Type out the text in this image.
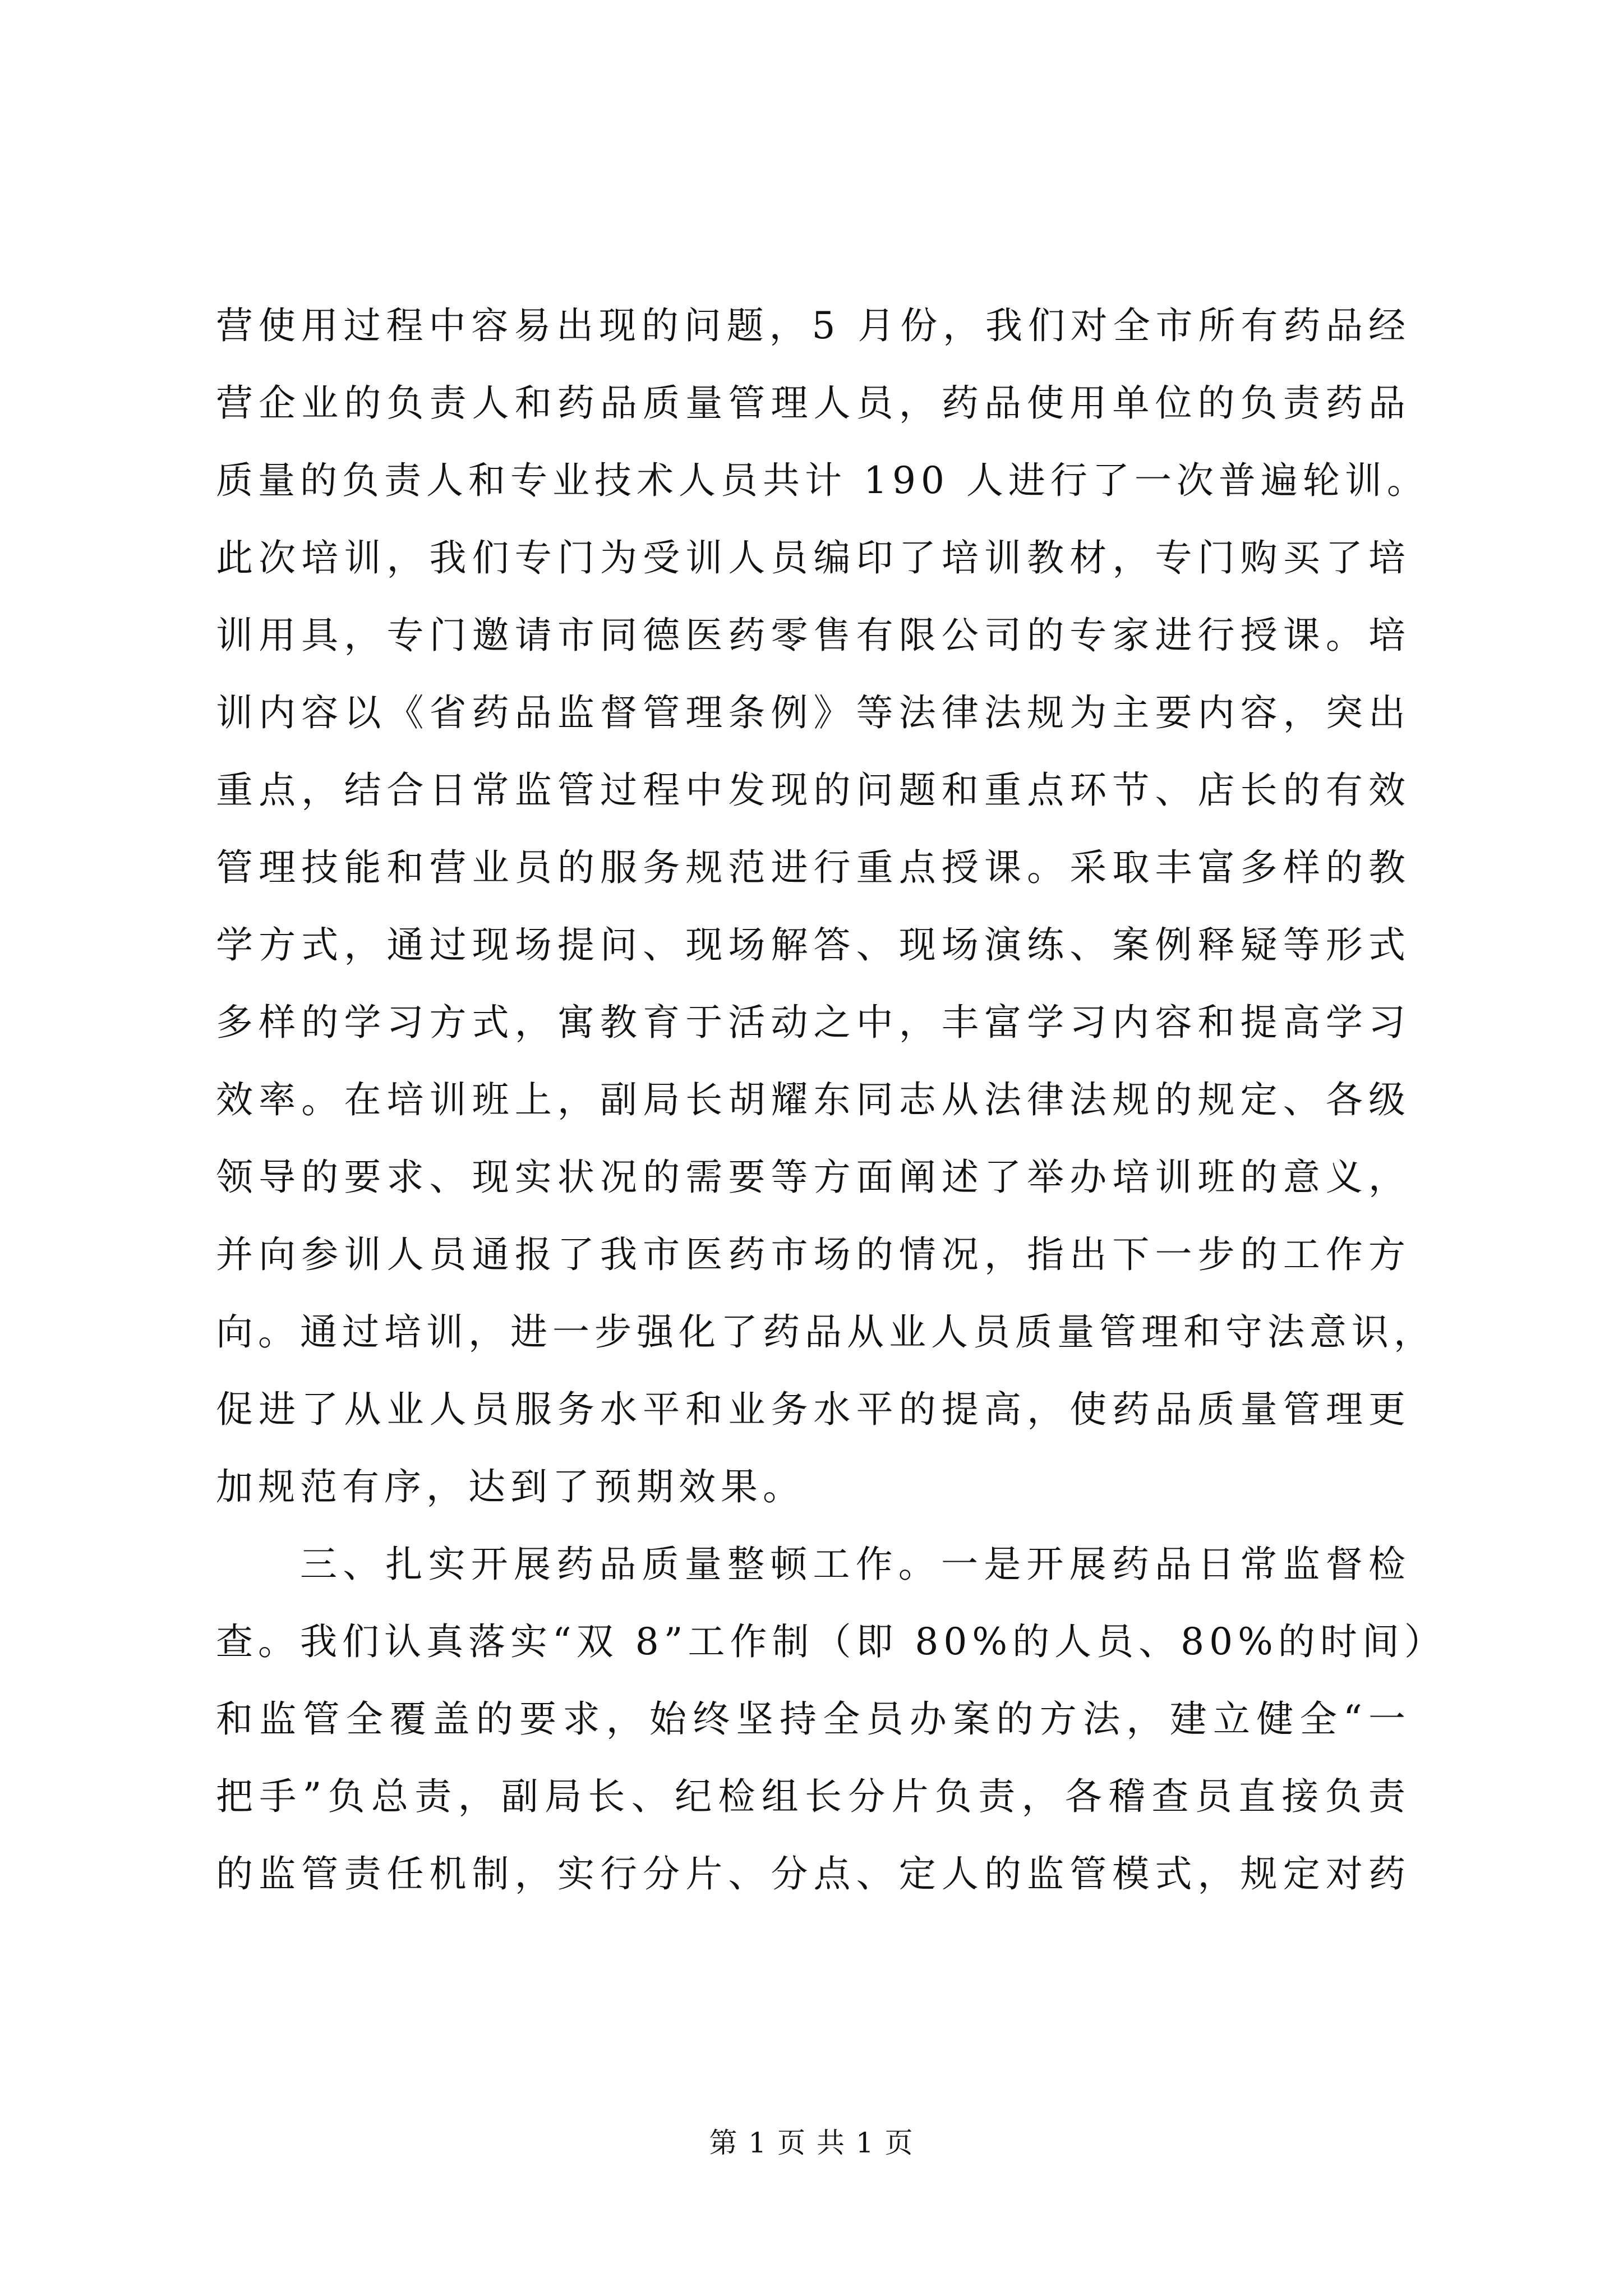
营使用过程中容易出现的问题，5 月份，我们对全市所有药品经
营企业的负责人和药品质量管理人员，药品使用单位的负责药品
质量的负责人和专业技术人员共计 190 人进行了一次普遍轮训。
此次培训，我们专门为受训人员编印了培训教材，专门购买了培
训用具，专门邀请市同德医药零售有限公司的专家进行授课。培
训内容以《省药品监督管理条例》等法律法规为主要内容，突出
重点，结合日常监管过程中发现的问题和重点环节、店长的有效
管理技能和营业员的服务规范进行重点授课。采取丰富多样的教
学方式，通过现场提问、现场解答、现场演练、案例释疑等形式
多样的学习方式，寓教育于活动之中，丰富学习内容和提高学习
效率。在培训班上，副局长胡耀东同志从法律法规的规定、各级
领导的要求、现实状况的需要等方面阐述了举办培训班的意义，
并向参训人员通报了我市医药市场的情况，指出下一步的工作方
向。通过培训，进一步强化了药品从业人员质量管理和守法意识，
促进了从业人员服务水平和业务水平的提高，使药品质量管理更
加规范有序，达到了预期效果。
三、扎实开展药品质量整顿工作。一是开展药品日常监督检
查。我们认真落实“双 8”工作制（即 80%的人员、80%的时间）
和监管全覆盖的要求，始终坚持全员办案的方法，建立健全“一
把手”负总责，副局长、纪检组长分片负责，各稽查员直接负责
的监管责任机制，实行分片、分点、定人的监管模式，规定对药
第 1 页 共 1 页
